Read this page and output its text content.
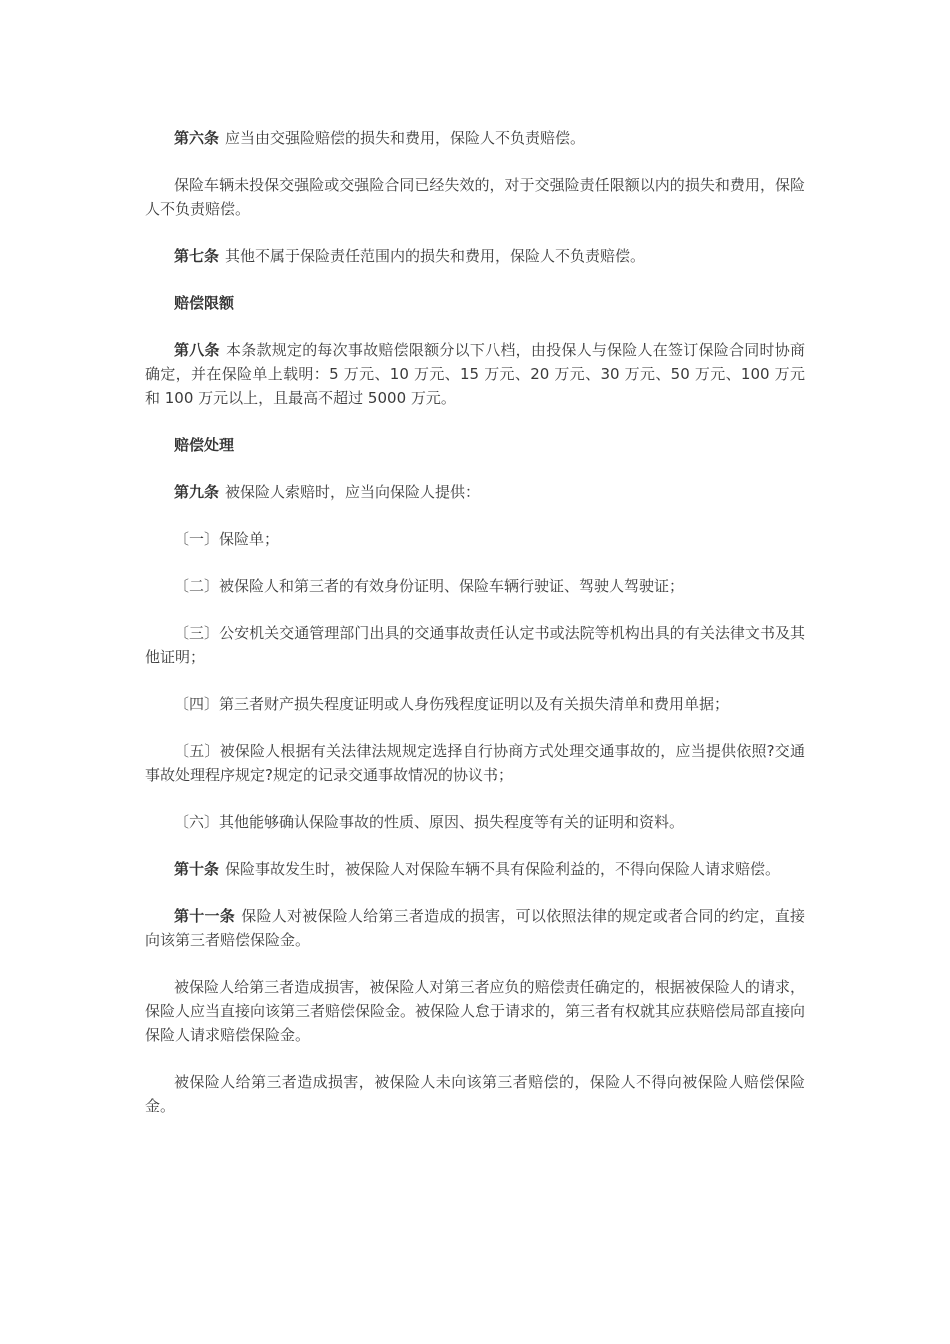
第六条 应当由交强险赔偿的损失和费用，保险人不负责赔偿。

保险车辆未投保交强险或交强险合同已经失效的，对于交强险责任限额以内的损失和费用，保险人不负责赔偿。

第七条 其他不属于保险责任范围内的损失和费用，保险人不负责赔偿。

赔偿限额

第八条 本条款规定的每次事故赔偿限额分以下八档，由投保人与保险人在签订保险合同时协商确定，并在保险单上载明：5 万元、10 万元、15 万元、20 万元、30 万元、50 万元、100 万元和 100 万元以上，且最高不超过 5000 万元。

赔偿处理

第九条 被保险人索赔时，应当向保险人提供：

〔一〕保险单；

〔二〕被保险人和第三者的有效身份证明、保险车辆行驶证、驾驶人驾驶证；

〔三〕公安机关交通管理部门出具的交通事故责任认定书或法院等机构出具的有关法律文书及其他证明；

〔四〕第三者财产损失程度证明或人身伤残程度证明以及有关损失清单和费用单据；

〔五〕被保险人根据有关法律法规规定选择自行协商方式处理交通事故的，应当提供依照?交通事故处理程序规定?规定的记录交通事故情况的协议书；

〔六〕其他能够确认保险事故的性质、原因、损失程度等有关的证明和资料。

第十条 保险事故发生时，被保险人对保险车辆不具有保险利益的，不得向保险人请求赔偿。

第十一条 保险人对被保险人给第三者造成的损害，可以依照法律的规定或者合同的约定，直接向该第三者赔偿保险金。

被保险人给第三者造成损害，被保险人对第三者应负的赔偿责任确定的，根据被保险人的请求，保险人应当直接向该第三者赔偿保险金。被保险人怠于请求的，第三者有权就其应获赔偿局部直接向保险人请求赔偿保险金。

被保险人给第三者造成损害，被保险人未向该第三者赔偿的，保险人不得向被保险人赔偿保险金。
